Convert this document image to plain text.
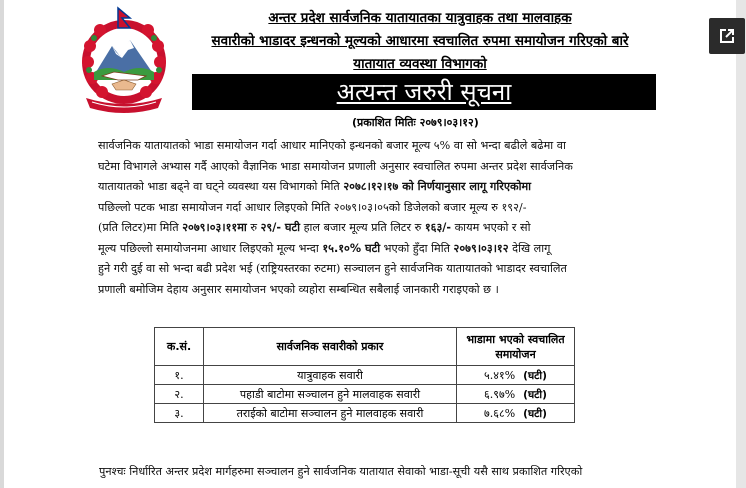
अन्तर प्रदेश सार्वजनिक यातायातका यात्रुवाहक तथा मालवाहक
सवारीको भाडादर इन्धनको मूल्यको आधारमा स्वचालित रुपमा समायोजन गरिएको बारे
यातायात व्यवस्था विभागको
अत्यन्त जरुरी सूचना
(प्रकाशित मितिः २०७९।०३।१२)
सार्वजनिक यातायातको भाडा समायोजन गर्दा आधार मानिएको इन्धनको बजार मूल्य ५% वा सो भन्दा बढीले बढेमा वा
घटेमा विभागले अभ्यास गर्दै आएको वैज्ञानिक भाडा समायोजन प्रणाली अनुसार स्वचालित रुपमा अन्तर प्रदेश सार्वजनिक
यातायातको भाडा बढ्ने वा घट्ने व्यवस्था यस विभागको मिति २०७८।१२।१७ को निर्णयानुसार लागू गरिएकोमा
पछिल्लो पटक भाडा समायोजन गर्दा आधार लिइएको मिति २०७९।०३।०५को डिजेलको बजार मूल्य रु १९२/-
(प्रति लिटर)मा मिति २०७९।०३।११मा रु २९/- घटी हाल बजार मूल्य प्रति लिटर रु १६३/- कायम भएको र सो
मूल्य पछिल्लो समायोजनमा आधार लिइएको मूल्य भन्दा १५.१०% घटी भएको हुँदा मिति २०७९।०३।१२ देखि लागू
हुने गरी दुई वा सो भन्दा बढी प्रदेश भई (राष्ट्रियस्तरका रुटमा) सञ्चालन हुने सार्वजनिक यातायातको भाडादर स्वचालित
प्रणाली बमोजिम देहाय अनुसार समायोजन भएको व्यहोरा सम्बन्धित सबैलाई जानकारी गराइएको छ ।
क.सं.	सार्वजनिक सवारीको प्रकार	भाडामा भएको स्वचालित समायोजन
१.	यात्रुवाहक सवारी	५.४१% (घटी)
२.	पहाडी बाटोमा सञ्चालन हुने मालवाहक सवारी	६.९७% (घटी)
३.	तराईको बाटोमा सञ्चालन हुने मालवाहक सवारी	७.६८% (घटी)
पुनश्चः निर्धारित अन्तर प्रदेश मार्गहरुमा सञ्चालन हुने सार्वजनिक यातायात सेवाको भाडा-सूची यसै साथ प्रकाशित गरिएको
